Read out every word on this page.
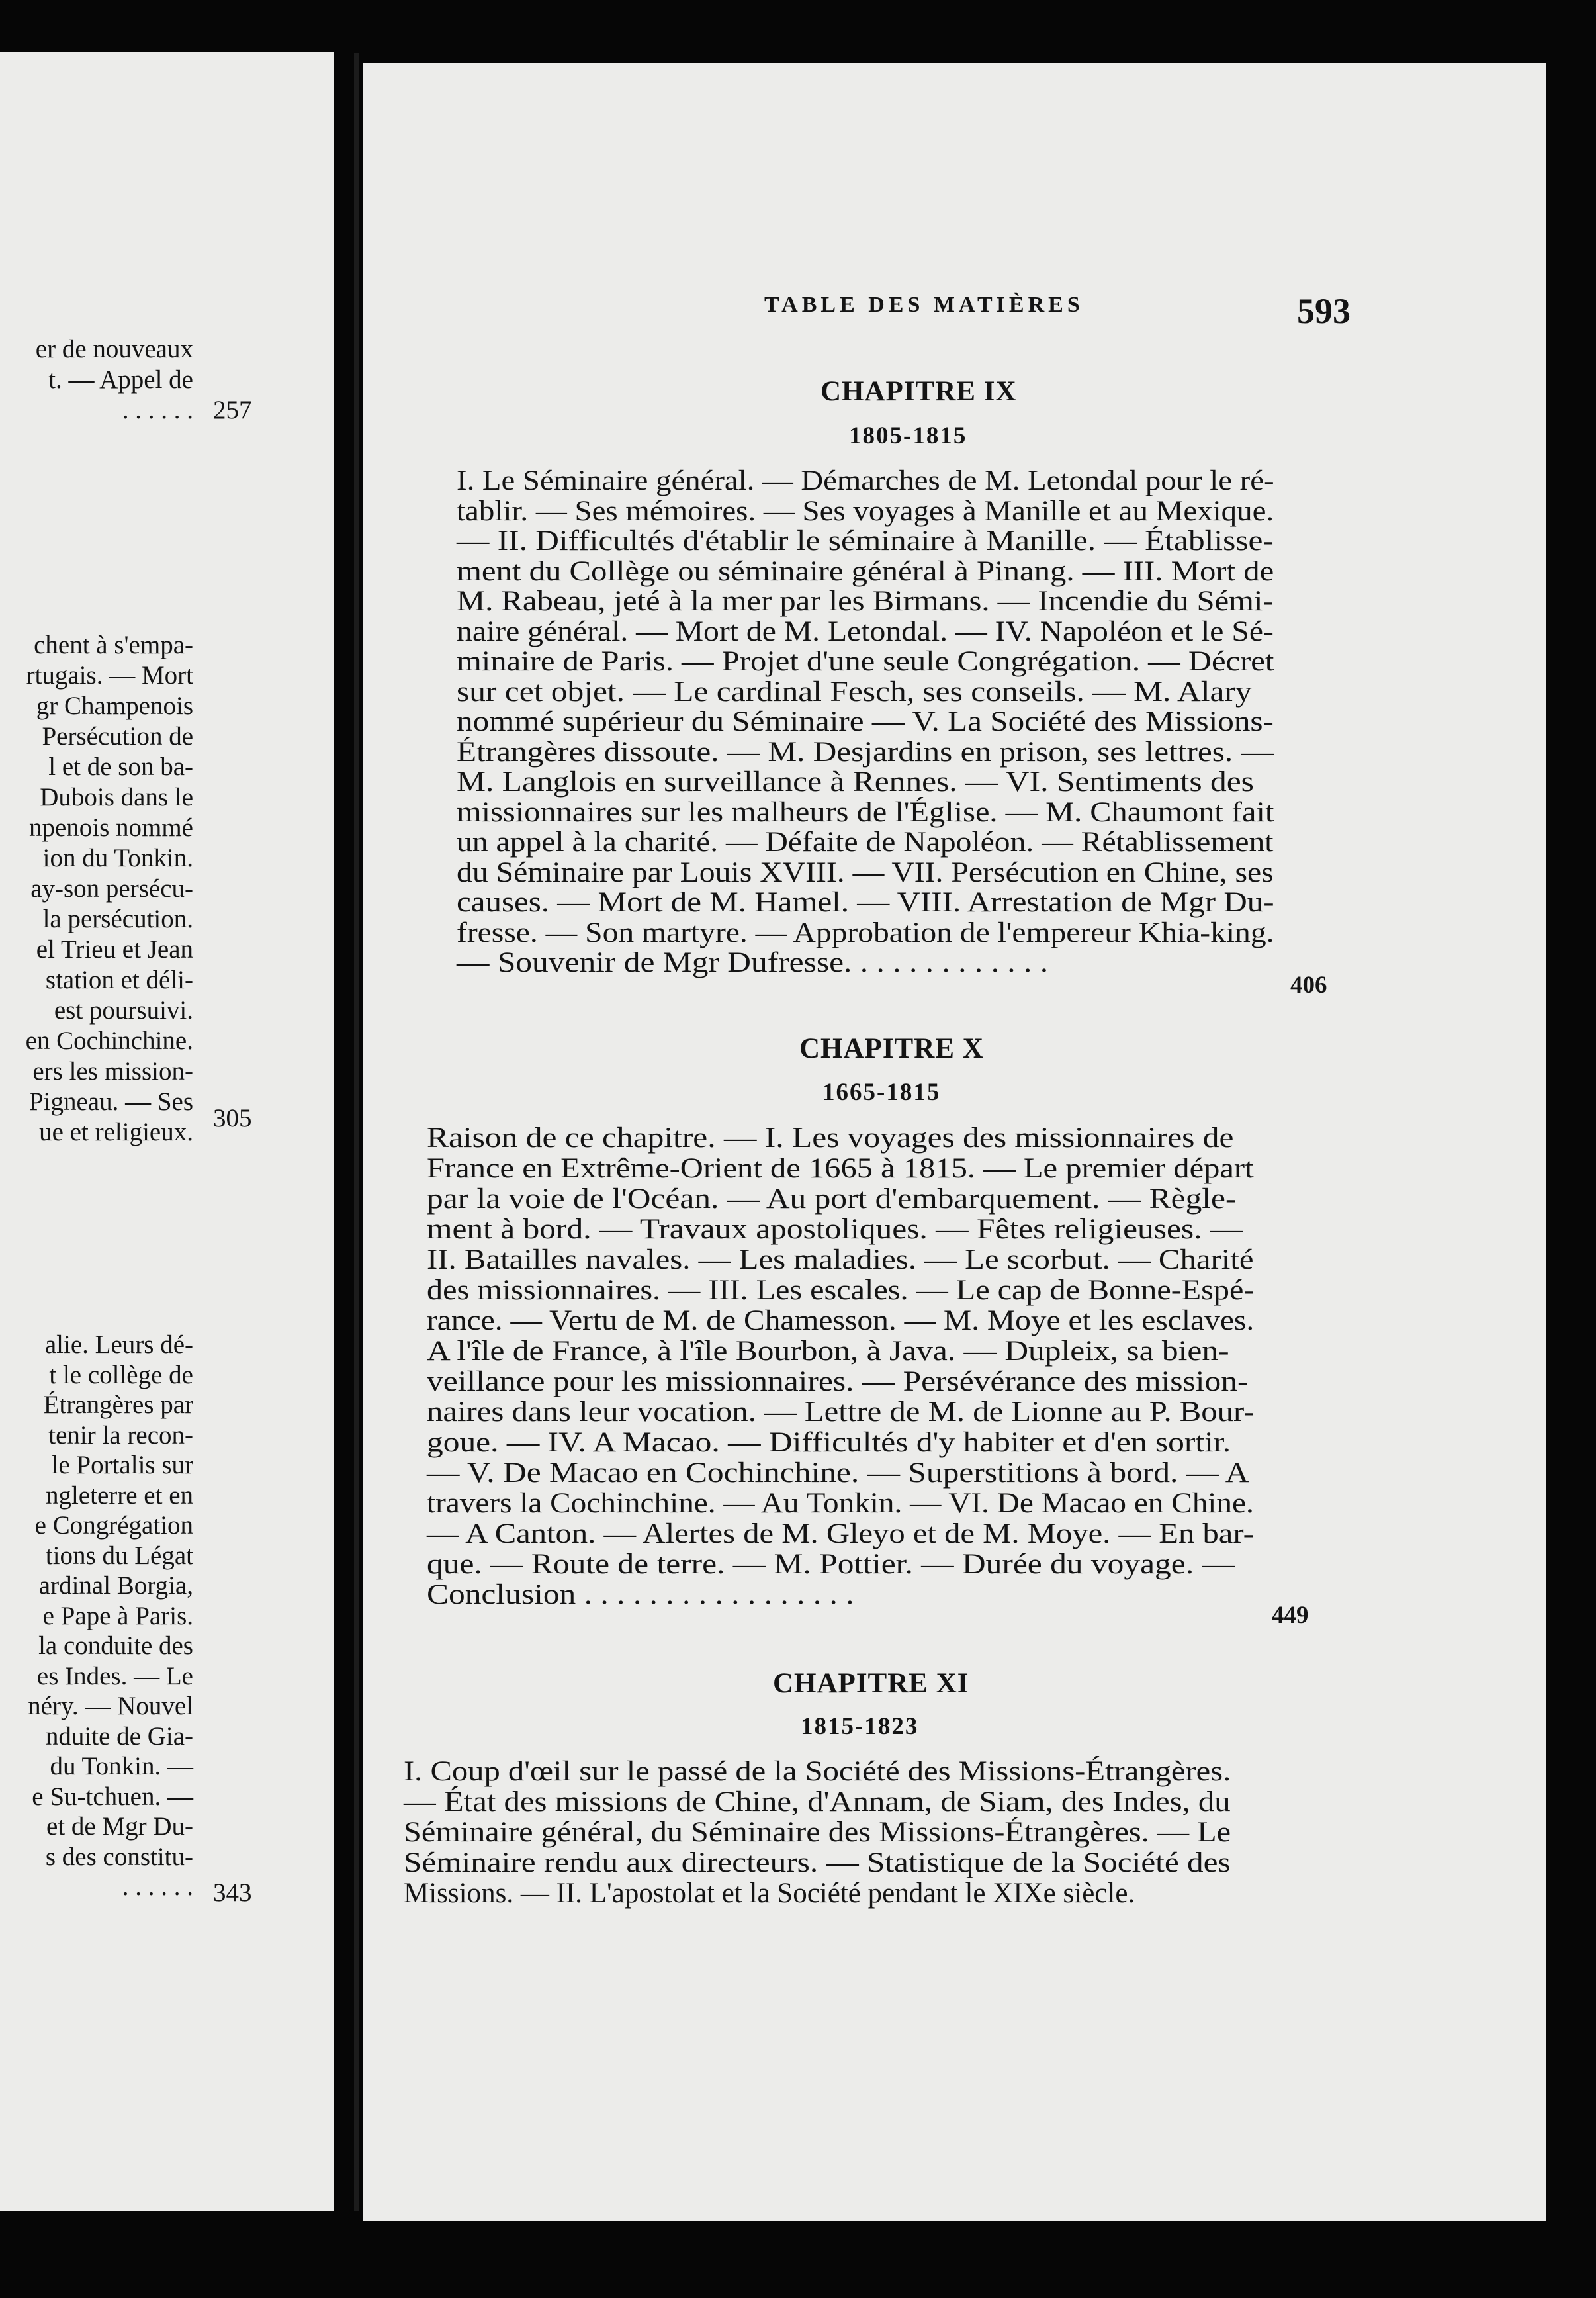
er de nouveaux
t. — Appel de
. . . . . .
chent à s'empa-
rtugais. — Mort
gr Champenois
Persécution de
l et de son ba-
Dubois dans le
npenois nommé
ion du Tonkin.
ay-son persécu-
la persécution.
el Trieu et Jean
station et déli-
est poursuivi.
en Cochinchine.
ers les mission-
Pigneau. — Ses
ue et religieux.
alie. Leurs dé-
t le collège de
Étrangères par
tenir la recon-
le Portalis sur
ngleterre et en
e Congrégation
tions du Légat
ardinal Borgia,
e Pape à Paris.
la conduite des
es Indes. — Le
néry. — Nouvel
nduite de Gia-
du Tonkin. —
e Su-tchuen. —
et de Mgr Du-
s des constitu-
. . . . . .
257
305
343
TABLE DES MATIÈRES	593
CHAPITRE IX
1805-1815
I. Le Séminaire général. — Démarches de M. Letondal pour le ré-
tablir. — Ses mémoires. — Ses voyages à Manille et au Mexique.
— II. Difficultés d'établir le séminaire à Manille. — Établisse-
ment du Collège ou séminaire général à Pinang. — III. Mort de
M. Rabeau, jeté à la mer par les Birmans. — Incendie du Sémi-
naire général. — Mort de M. Letondal. — IV. Napoléon et le Sé-
minaire de Paris. — Projet d'une seule Congrégation. — Décret
sur cet objet. — Le cardinal Fesch, ses conseils. — M. Alary
nommé supérieur du Séminaire — V. La Société des Missions-
Étrangères dissoute. — M. Desjardins en prison, ses lettres. —
M. Langlois en surveillance à Rennes. — VI. Sentiments des
missionnaires sur les malheurs de l'Église. — M. Chaumont fait
un appel à la charité. — Défaite de Napoléon. — Rétablissement
du Séminaire par Louis XVIII. — VII. Persécution en Chine, ses
causes. — Mort de M. Hamel. — VIII. Arrestation de Mgr Du-
fresse. — Son martyre. — Approbation de l'empereur Khia-king.
— Souvenir de Mgr Dufresse. . . . . . . . . . . . .
406
CHAPITRE X
1665-1815
Raison de ce chapitre. — I. Les voyages des missionnaires de
France en Extrême-Orient de 1665 à 1815. — Le premier départ
par la voie de l'Océan. — Au port d'embarquement. — Règle-
ment à bord. — Travaux apostoliques. — Fêtes religieuses. —
II. Batailles navales. — Les maladies. — Le scorbut. — Charité
des missionnaires. — III. Les escales. — Le cap de Bonne-Espé-
rance. — Vertu de M. de Chamesson. — M. Moye et les esclaves.
A l'île de France, à l'île Bourbon, à Java. — Dupleix, sa bien-
veillance pour les missionnaires. — Persévérance des mission-
naires dans leur vocation. — Lettre de M. de Lionne au P. Bour-
goue. — IV. A Macao. — Difficultés d'y habiter et d'en sortir.
— V. De Macao en Cochinchine. — Superstitions à bord. — A
travers la Cochinchine. — Au Tonkin. — VI. De Macao en Chine.
— A Canton. — Alertes de M. Gleyo et de M. Moye. — En bar-
que. — Route de terre. — M. Pottier. — Durée du voyage. —
Conclusion . . . . . . . . . . . . . . . . .
449
CHAPITRE XI
1815-1823
I. Coup d'œil sur le passé de la Société des Missions-Étrangères.
— État des missions de Chine, d'Annam, de Siam, des Indes, du
Séminaire général, du Séminaire des Missions-Étrangères. — Le
Séminaire rendu aux directeurs. — Statistique de la Société des
Missions. — II. L'apostolat et la Société pendant le XIXe siècle.
